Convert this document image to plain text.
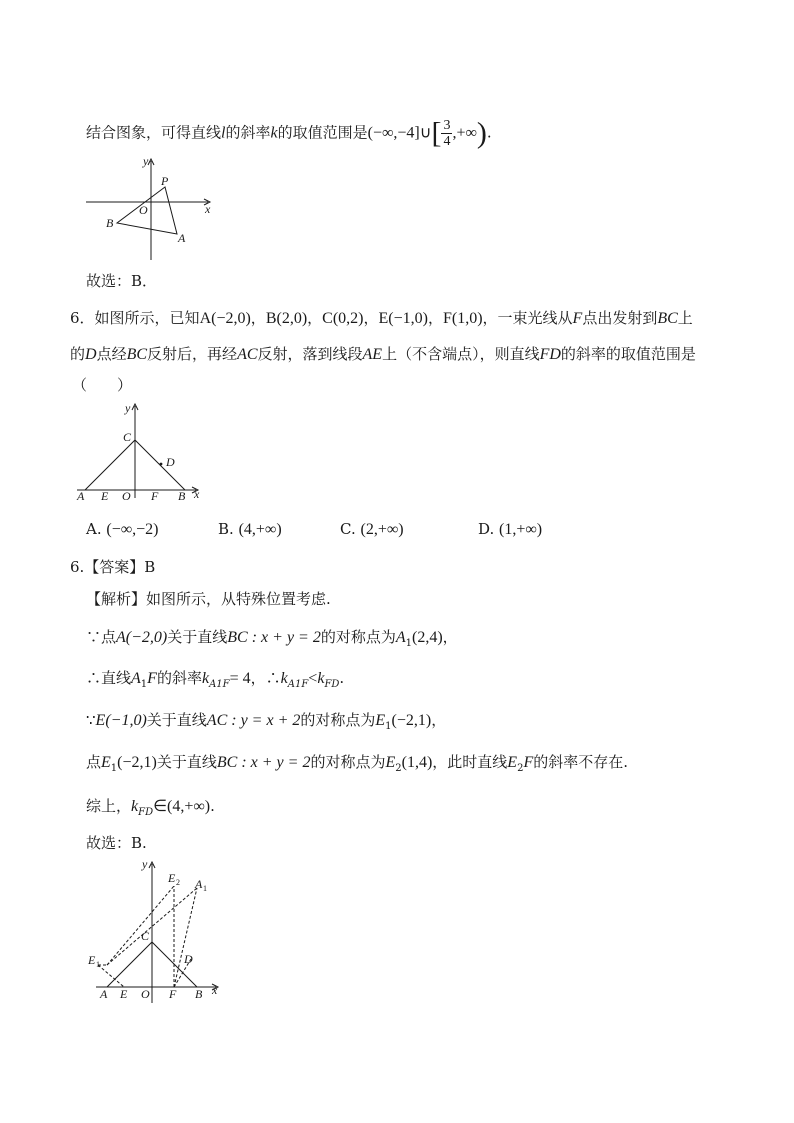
结合图象，可得直线l的斜率k的取值范围是(−∞,−4]∪[ $\frac{3}{4}$ ,+∞).
y
P
O	x
B
A
故选：B．
6．如图所示，已知A(−2,0)，B(2,0)，C(0,2)，E(−1,0)，F(1,0)，一束光线从F点出发射到BC上
的D点经BC反射后，再经AC反射，落到线段AE上（不含端点），则直线FD的斜率的取值范围是
（　　）
y
C
D
A E O F B x
A. (−∞,−2)	B. (4,+∞)	C. (2,+∞)	D. (1,+∞)
6.【答案】B
【解析】如图所示，从特殊位置考虑.
∵点A(−2,0)关于直线BC : x + y = 2的对称点为$A_1(2,4)$，
∴直线$A_1F$的斜率$k_{A1F}= 4$，$\therefore k_{A1F}<k_{FD}$.
∵E(−1,0)关于直线AC : y = x + 2的对称点为$E_1(-2,1)$，
点$E_1(-2,1)$关于直线BC : x + y = 2的对称点为$E_2(1,4)$，此时直线$E_2F$的斜率不存在.
综上，$k_{FD}\in(4,+\infty)$.
故选：B.
y
E 2 A 1
C
E 1	D
A E O F B x
